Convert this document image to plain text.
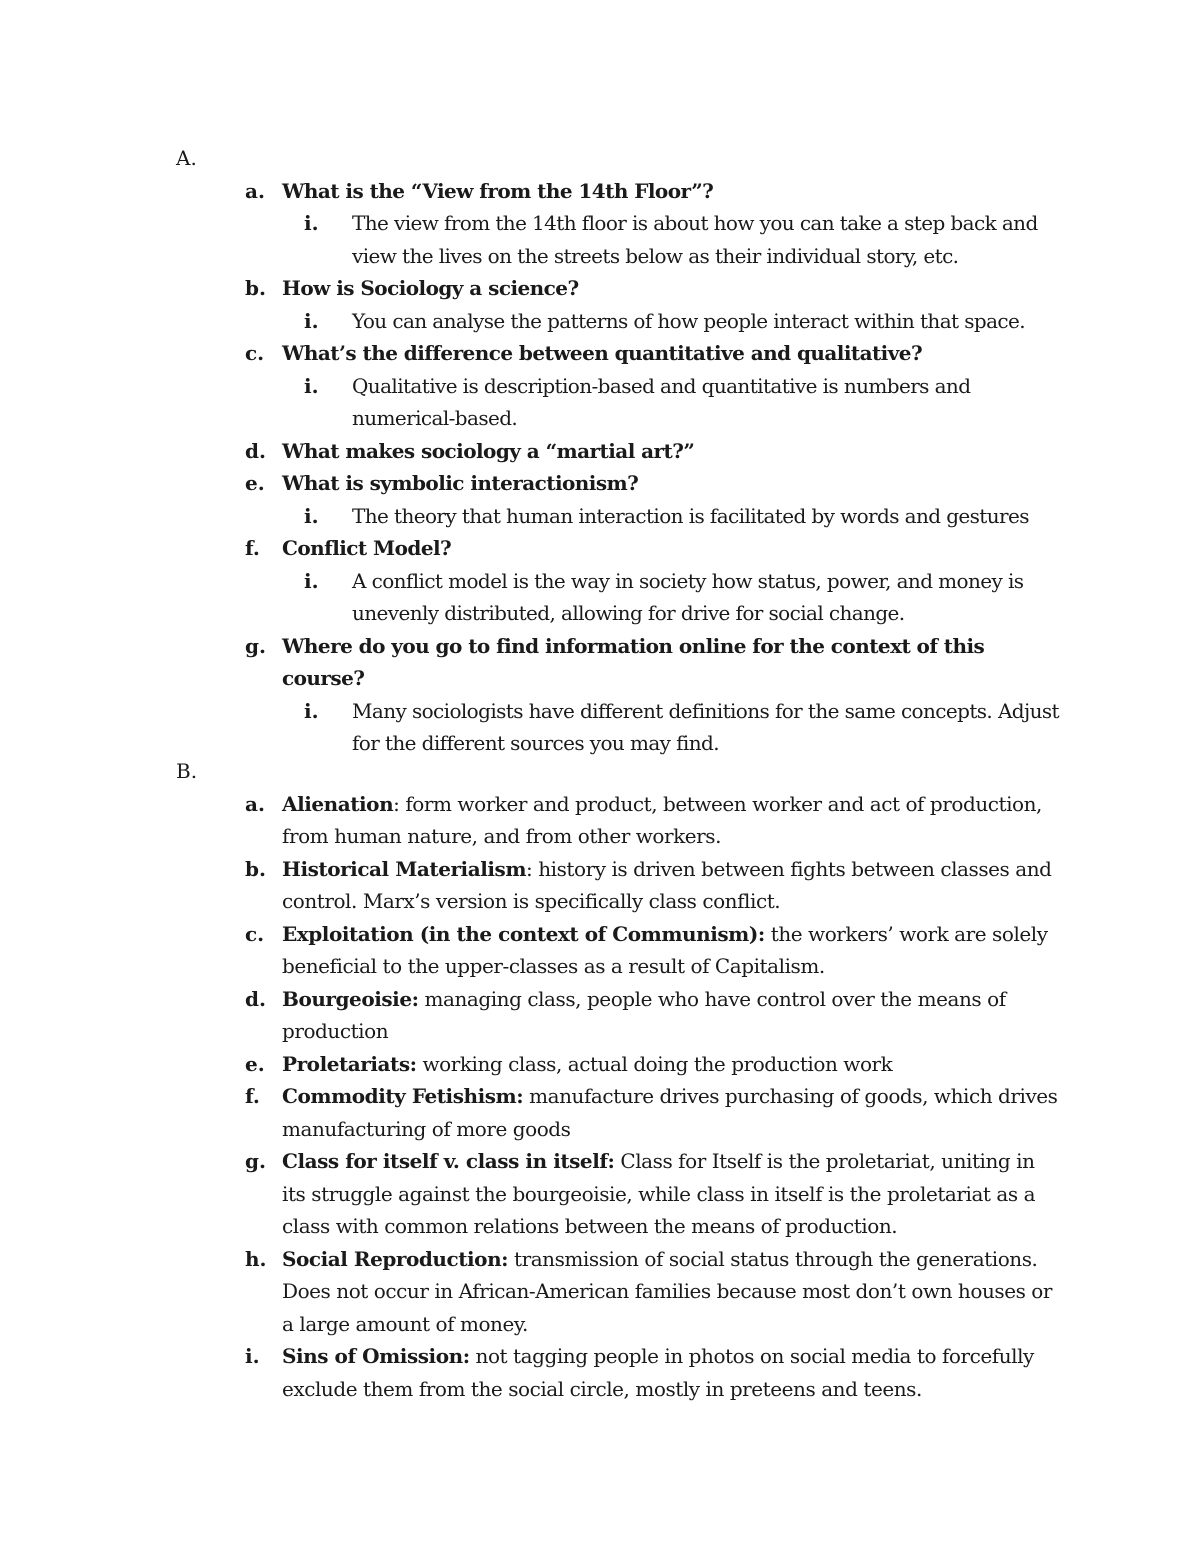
A.
a. What is the “View from the 14th Floor”?
i. The view from the 14th floor is about how you can take a step back and view the lives on the streets below as their individual story, etc.
b. How is Sociology a science?
i. You can analyse the patterns of how people interact within that space.
c. What’s the difference between quantitative and qualitative?
i. Qualitative is description-based and quantitative is numbers and numerical-based.
d. What makes sociology a “martial art?”
e. What is symbolic interactionism?
i. The theory that human interaction is facilitated by words and gestures
f. Conflict Model?
i. A conflict model is the way in society how status, power, and money is unevenly distributed, allowing for drive for social change.
g. Where do you go to find information online for the context of this course?
i. Many sociologists have different definitions for the same concepts. Adjust for the different sources you may find.
B.
a. Alienation: form worker and product, between worker and act of production, from human nature, and from other workers.
b. Historical Materialism: history is driven between fights between classes and control. Marx’s version is specifically class conflict.
c. Exploitation (in the context of Communism): the workers’ work are solely beneficial to the upper-classes as a result of Capitalism.
d. Bourgeoisie: managing class, people who have control over the means of production
e. Proletariats: working class, actual doing the production work
f. Commodity Fetishism: manufacture drives purchasing of goods, which drives manufacturing of more goods
g. Class for itself v. class in itself: Class for Itself is the proletariat, uniting in its struggle against the bourgeoisie, while class in itself is the proletariat as a class with common relations between the means of production.
h. Social Reproduction: transmission of social status through the generations. Does not occur in African-American families because most don’t own houses or a large amount of money.
i. Sins of Omission: not tagging people in photos on social media to forcefully exclude them from the social circle, mostly in preteens and teens.
